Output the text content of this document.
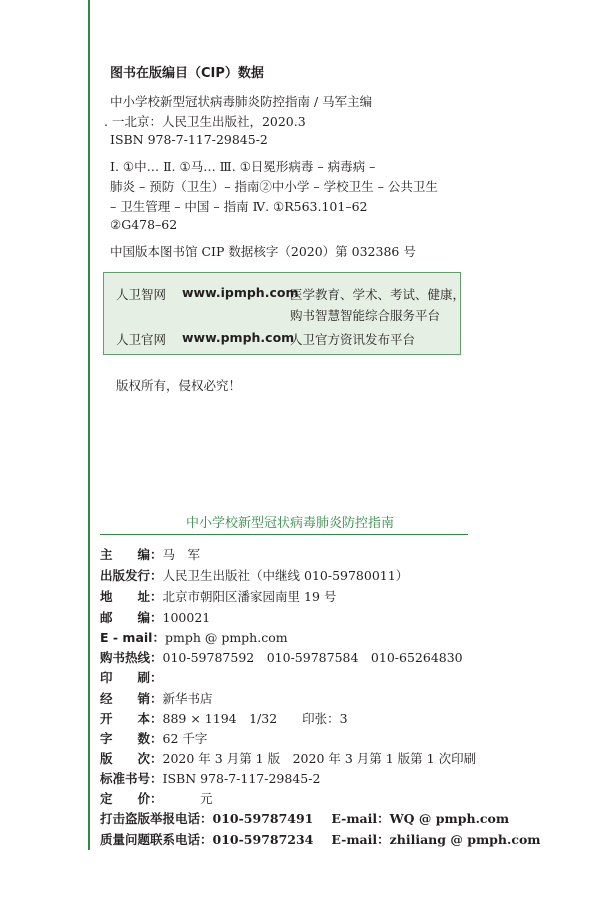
图书在版编目（CIP）数据
中小学校新型冠状病毒肺炎防控指南 / 马军主编
. 一北京：人民卫生出版社，2020.3
ISBN 978-7-117-29845-2
Ⅰ. ①中… Ⅱ. ①马… Ⅲ. ①日冕形病毒 – 病毒病 –
肺炎 – 预防（卫生）– 指南②中小学 – 学校卫生 – 公共卫生
– 卫生管理 – 中国 – 指南 Ⅳ. ①R563.101–62
②G478–62
中国版本图书馆 CIP 数据核字（2020）第 032386 号
人卫智网 www.ipmph.com
医学教育、学术、考试、健康，
购书智慧智能综合服务平台
人卫官网 www.pmph.com
人卫官方资讯发布平台
版权所有，侵权必究！
中小学校新型冠状病毒肺炎防控指南
主　　编：马　军
出版发行：人民卫生出版社（中继线 010-59780011）
地　　址：北京市朝阳区潘家园南里 19 号
邮　　编：100021
E - mail：pmph @ pmph.com
购书热线：010-59787592　010-59787584　010-65264830
印　　刷：
经　　销：新华书店
开　　本：889 × 1194　1/32　　印张：3
字　　数：62 千字
版　　次：2020 年 3 月第 1 版　2020 年 3 月第 1 版第 1 次印刷
标准书号：ISBN 978-7-117-29845-2
定　　价：　　　元
打击盗版举报电话：010-59787491 E-mail：WQ @ pmph.com
质量问题联系电话：010-59787234 E-mail：zhiliang @ pmph.com
